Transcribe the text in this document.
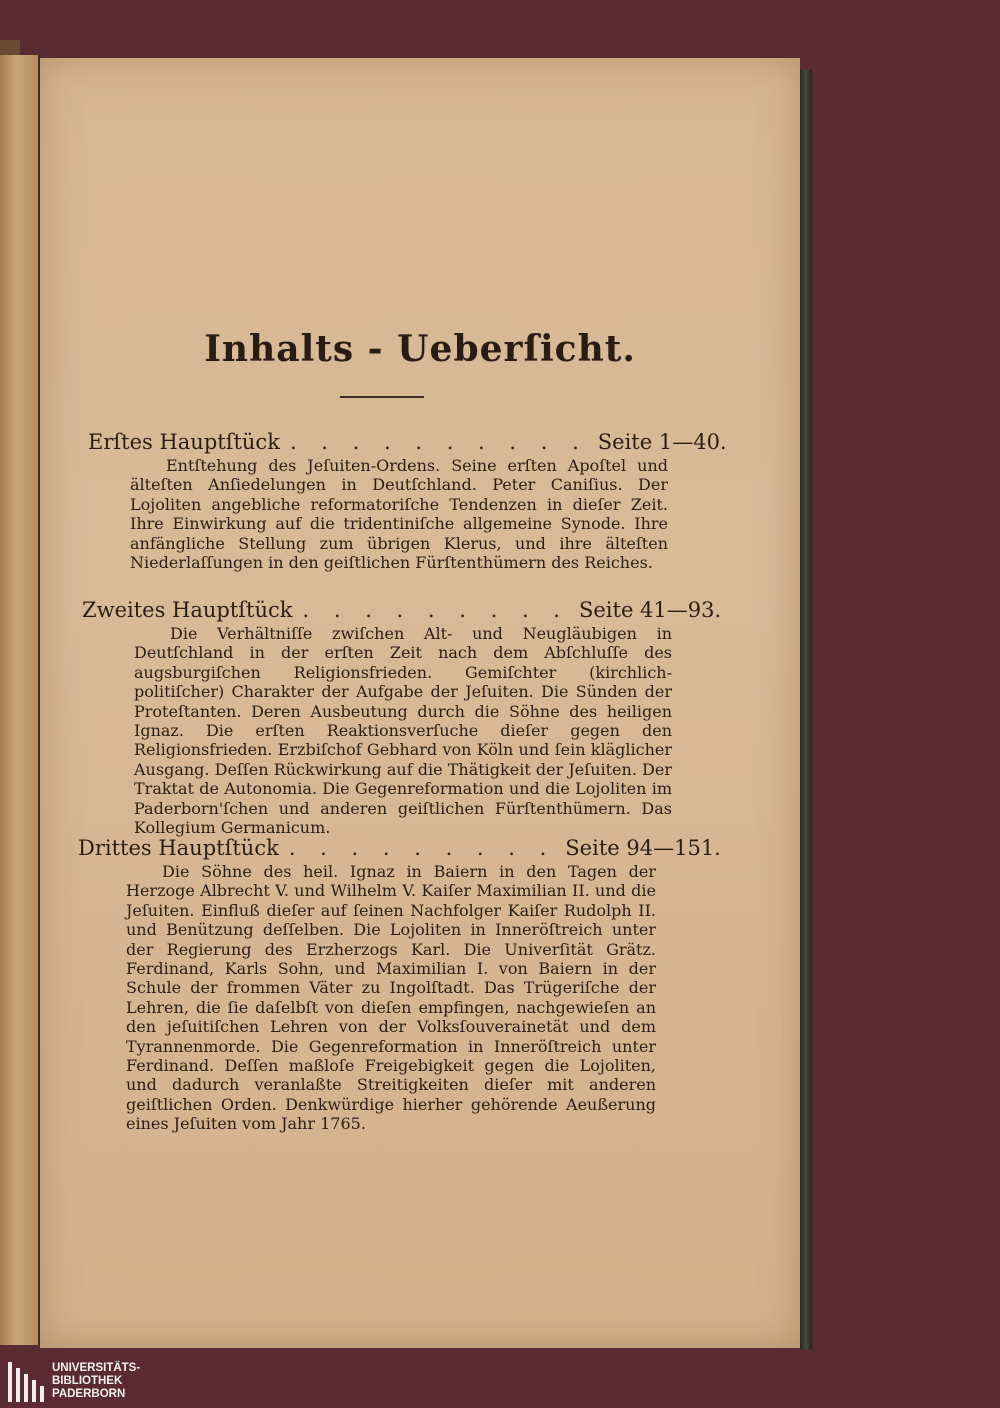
Inhalts - Ueberſicht.
Erſtes Hauptſtück . . . . . . . . . . Seite 1—40.
Entſtehung des Jeſuiten-Ordens. Seine erſten Apoſtel und älteſten Anſiedelungen in Deutſchland. Peter Caniſius. Der Lojoliten angebliche reformatoriſche Tendenzen in dieſer Zeit. Ihre Einwirkung auf die tridentiniſche allgemeine Synode. Ihre anfängliche Stellung zum übrigen Klerus, und ihre älteſten Niederlaſſungen in den geiſtlichen Fürſtenthümern des Reiches.
Zweites Hauptſtück . . . . . . . . . Seite 41—93.
Die Verhältniſſe zwiſchen Alt- und Neugläubigen in Deutſchland in der erſten Zeit nach dem Abſchluſſe des augsburgiſchen Religionsfrieden. Gemiſchter (kirchlich-politiſcher) Charakter der Aufgabe der Jeſuiten. Die Sünden der Proteſtanten. Deren Ausbeutung durch die Söhne des heiligen Ignaz. Die erſten Reaktionsverſuche dieſer gegen den Religionsfrieden. Erzbiſchof Gebhard von Köln und ſein kläglicher Ausgang. Deſſen Rückwirkung auf die Thätigkeit der Jeſuiten. Der Traktat de Autonomia. Die Gegenreformation und die Lojoliten im Paderborn'ſchen und anderen geiſtlichen Fürſtenthümern. Das Kollegium Germanicum.
Drittes Hauptſtück . . . . . . . . . Seite 94—151.
Die Söhne des heil. Ignaz in Baiern in den Tagen der Herzoge Albrecht V. und Wilhelm V. Kaiſer Maximilian II. und die Jeſuiten. Einfluß dieſer auf ſeinen Nachfolger Kaiſer Rudolph II. und Benützung deſſelben. Die Lojoliten in Inneröſtreich unter der Regierung des Erzherzogs Karl. Die Univerſität Grätz. Ferdinand, Karls Sohn, und Maximilian I. von Baiern in der Schule der frommen Väter zu Ingolſtadt. Das Trügeriſche der Lehren, die ſie daſelbſt von dieſen empfingen, nachgewieſen an den jeſuitiſchen Lehren von der Volksſouverainetät und dem Tyrannenmorde. Die Gegenreformation in Inneröſtreich unter Ferdinand. Deſſen maßloſe Freigebigkeit gegen die Lojoliten, und dadurch veranlaßte Streitigkeiten dieſer mit anderen geiſtlichen Orden. Denkwürdige hierher gehörende Aeußerung eines Jeſuiten vom Jahr 1765.
UNIVERSITÄTS-
BIBLIOTHEK
PADERBORN
